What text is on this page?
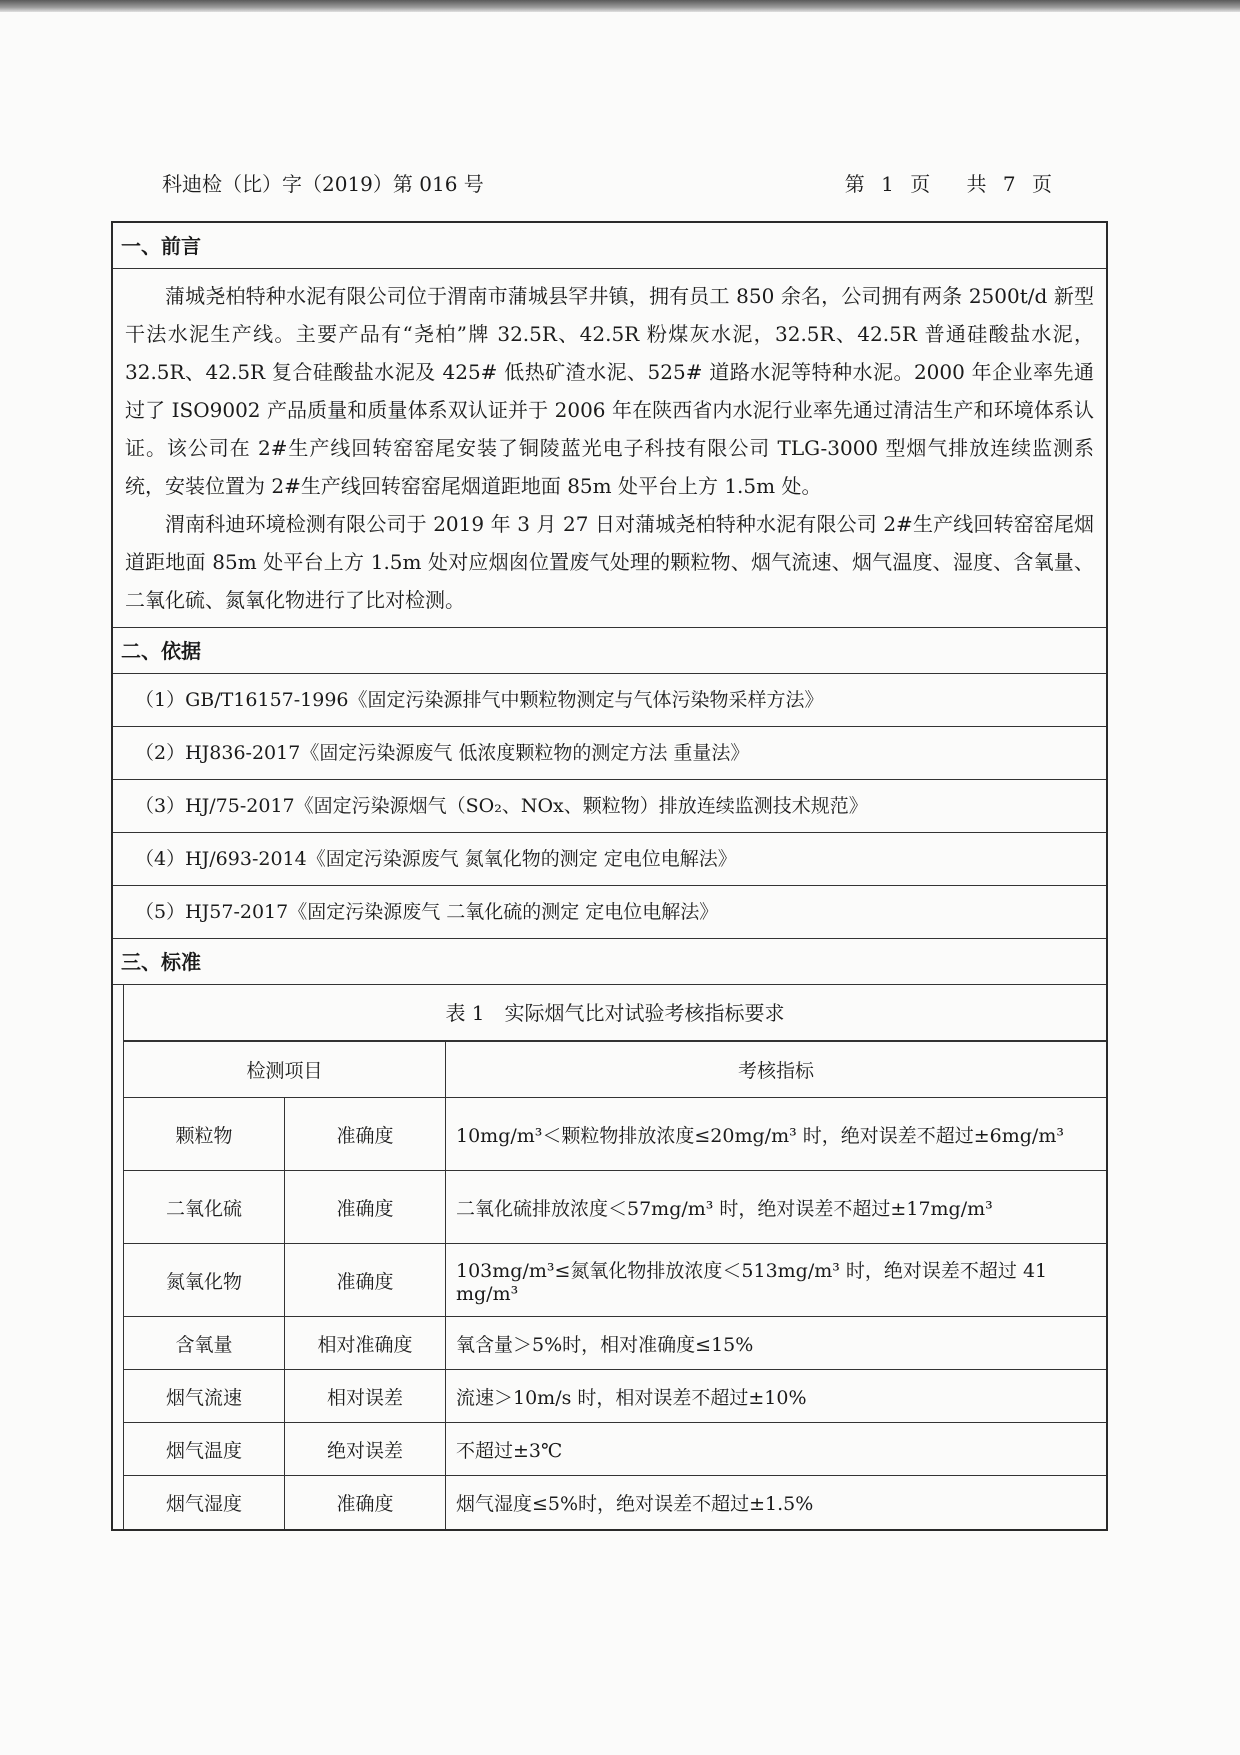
科迪检（比）字（2019）第 016 号	第 1 页　 共 7 页
一、前言

蒲城尧柏特种水泥有限公司位于渭南市蒲城县罕井镇，拥有员工 850 余名，公司拥有两条 2500t/d 新型干法水泥生产线。主要产品有“尧柏”牌 32.5R、42.5R 粉煤灰水泥，32.5R、42.5R 普通硅酸盐水泥，32.5R、42.5R 复合硅酸盐水泥及 425# 低热矿渣水泥、525# 道路水泥等特种水泥。2000 年企业率先通过了 ISO9002 产品质量和质量体系双认证并于 2006 年在陕西省内水泥行业率先通过清洁生产和环境体系认证。该公司在 2#生产线回转窑窑尾安装了铜陵蓝光电子科技有限公司 TLG-3000 型烟气排放连续监测系统，安装位置为 2#生产线回转窑窑尾烟道距地面 85m 处平台上方 1.5m 处。

渭南科迪环境检测有限公司于 2019 年 3 月 27 日对蒲城尧柏特种水泥有限公司 2#生产线回转窑窑尾烟道距地面 85m 处平台上方 1.5m 处对应烟囱位置废气处理的颗粒物、烟气流速、烟气温度、湿度、含氧量、二氧化硫、氮氧化物进行了比对检测。

二、依据
（1）GB/T16157-1996《固定污染源排气中颗粒物测定与气体污染物采样方法》
（2）HJ836-2017《固定污染源废气 低浓度颗粒物的测定方法 重量法》
（3）HJ/75-2017《固定污染源烟气（SO₂、NOx、颗粒物）排放连续监测技术规范》
（4）HJ/693-2014《固定污染源废气 氮氧化物的测定 定电位电解法》
（5）HJ57-2017《固定污染源废气 二氧化硫的测定 定电位电解法》
三、标准
表 1　实际烟气比对试验考核指标要求
检测项目		考核指标
颗粒物	准确度	10mg/m³＜颗粒物排放浓度≤20mg/m³ 时，绝对误差不超过±6mg/m³
二氧化硫	准确度	二氧化硫排放浓度＜57mg/m³ 时，绝对误差不超过±17mg/m³
氮氧化物	准确度	103mg/m³≤氮氧化物排放浓度＜513mg/m³ 时，绝对误差不超过 41 mg/m³
含氧量	相对准确度	氧含量＞5%时，相对准确度≤15%
烟气流速	相对误差	流速＞10m/s 时，相对误差不超过±10%
烟气温度	绝对误差	不超过±3℃
烟气湿度	准确度	烟气湿度≤5%时，绝对误差不超过±1.5%
